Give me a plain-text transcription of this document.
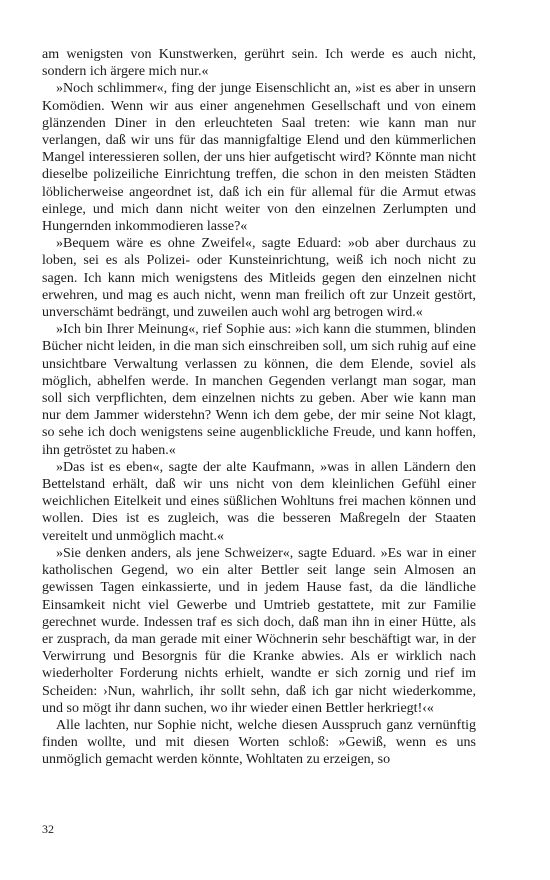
am wenigsten von Kunstwerken, gerührt sein. Ich werde es auch nicht, sondern ich ärgere mich nur.«

»Noch schlimmer«, fing der junge Eisenschlicht an, »ist es aber in unsern Komödien. Wenn wir aus einer angenehmen Gesellschaft und von einem glänzenden Diner in den erleuchteten Saal treten: wie kann man nur verlangen, daß wir uns für das mannigfaltige Elend und den kümmerlichen Mangel interessieren sollen, der uns hier aufgetischt wird? Könnte man nicht dieselbe polizeiliche Einrichtung treffen, die schon in den meisten Städten löblicherweise angeordnet ist, daß ich ein für allemal für die Armut etwas einlege, und mich dann nicht weiter von den einzelnen Zerlumpten und Hungernden inkommodieren lasse?«

»Bequem wäre es ohne Zweifel«, sagte Eduard: »ob aber durchaus zu loben, sei es als Polizei- oder Kunsteinrichtung, weiß ich noch nicht zu sagen. Ich kann mich wenigstens des Mitleids gegen den einzelnen nicht erwehren, und mag es auch nicht, wenn man freilich oft zur Unzeit gestört, unverschämt bedrängt, und zuweilen auch wohl arg betrogen wird.«

»Ich bin Ihrer Meinung«, rief Sophie aus: »ich kann die stummen, blinden Bücher nicht leiden, in die man sich einschreiben soll, um sich ruhig auf eine unsichtbare Verwaltung verlassen zu können, die dem Elende, soviel als möglich, abhelfen werde. In manchen Gegenden verlangt man sogar, man soll sich verpflichten, dem einzelnen nichts zu geben. Aber wie kann man nur dem Jammer widerstehn? Wenn ich dem gebe, der mir seine Not klagt, so sehe ich doch wenigstens seine augenblickliche Freude, und kann hoffen, ihn getröstet zu haben.«

»Das ist es eben«, sagte der alte Kaufmann, »was in allen Ländern den Bettelstand erhält, daß wir uns nicht von dem kleinlichen Gefühl einer weichlichen Eitelkeit und eines süßlichen Wohltuns frei machen können und wollen. Dies ist es zugleich, was die besseren Maßregeln der Staaten vereitelt und unmöglich macht.«

»Sie denken anders, als jene Schweizer«, sagte Eduard. »Es war in einer katholischen Gegend, wo ein alter Bettler seit lange sein Almosen an gewissen Tagen einkassierte, und in jedem Hause fast, da die ländliche Einsamkeit nicht viel Gewerbe und Umtrieb gestattete, mit zur Familie gerechnet wurde. Indessen traf es sich doch, daß man ihn in einer Hütte, als er zusprach, da man gerade mit einer Wöchnerin sehr beschäftigt war, in der Verwirrung und Besorgnis für die Kranke abwies. Als er wirklich nach wiederholter Forderung nichts erhielt, wandte er sich zornig und rief im Scheiden: ›Nun, wahrlich, ihr sollt sehn, daß ich gar nicht wiederkomme, und so mögt ihr dann suchen, wo ihr wieder einen Bettler herkriegt!‹«

Alle lachten, nur Sophie nicht, welche diesen Ausspruch ganz vernünftig finden wollte, und mit diesen Worten schloß: »Gewiß, wenn es uns unmöglich gemacht werden könnte, Wohltaten zu erzeigen, so

32
